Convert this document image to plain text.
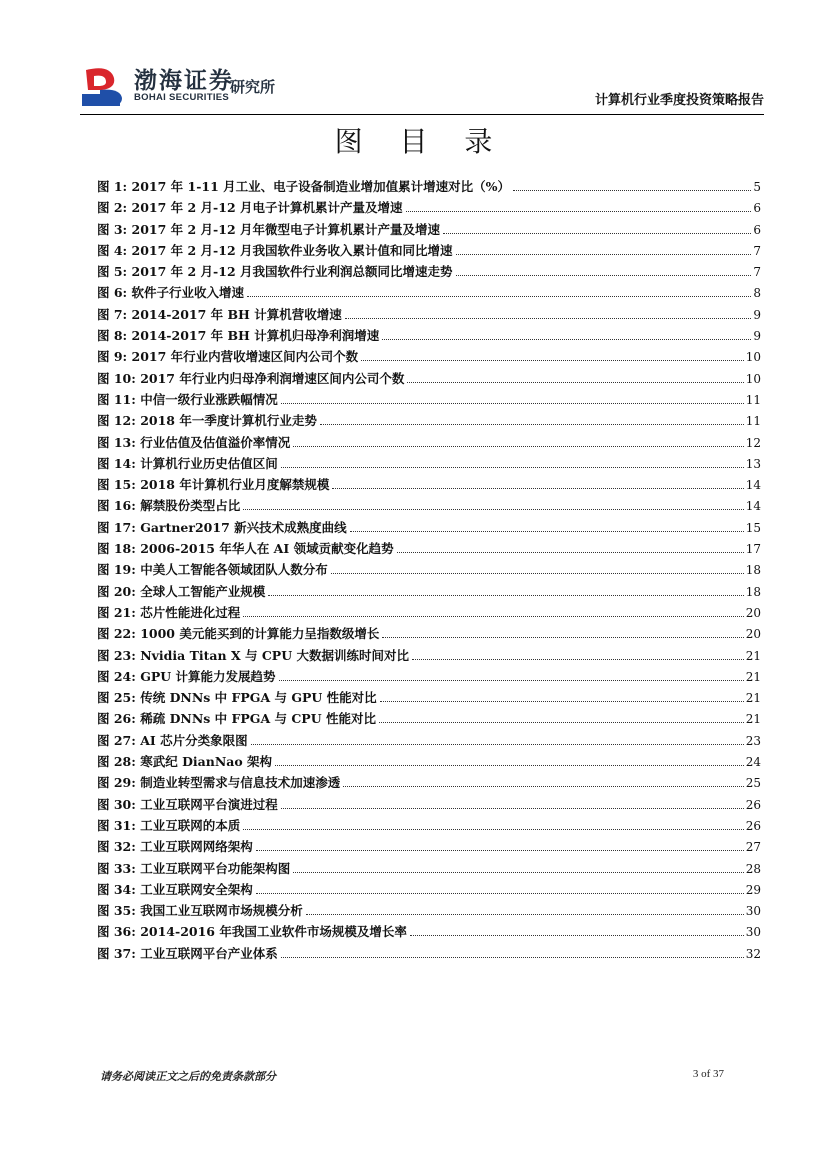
渤海证券
BOHAI SECURITIES
研究所
计算机行业季度投资策略报告
图 目 录
图 1: 2017 年 1-11 月工业、电子设备制造业增加值累计增速对比（%）	5
图 2: 2017 年 2 月-12 月电子计算机累计产量及增速	6
图 3: 2017 年 2 月-12 月年微型电子计算机累计产量及增速	6
图 4: 2017 年 2 月-12 月我国软件业务收入累计值和同比增速	7
图 5: 2017 年 2 月-12 月我国软件行业利润总额同比增速走势	7
图 6: 软件子行业收入增速	8
图 7: 2014-2017 年 BH 计算机营收增速	9
图 8: 2014-2017 年 BH 计算机归母净利润增速	9
图 9: 2017 年行业内营收增速区间内公司个数	10
图 10: 2017 年行业内归母净利润增速区间内公司个数	10
图 11: 中信一级行业涨跌幅情况	11
图 12: 2018 年一季度计算机行业走势	11
图 13: 行业估值及估值溢价率情况	12
图 14: 计算机行业历史估值区间	13
图 15: 2018 年计算机行业月度解禁规模	14
图 16: 解禁股份类型占比	14
图 17: Gartner2017 新兴技术成熟度曲线	15
图 18: 2006-2015 年华人在 AI 领域贡献变化趋势	17
图 19: 中美人工智能各领域团队人数分布	18
图 20: 全球人工智能产业规模	18
图 21: 芯片性能进化过程	20
图 22: 1000 美元能买到的计算能力呈指数级增长	20
图 23: Nvidia Titan X 与 CPU 大数据训练时间对比	21
图 24: GPU 计算能力发展趋势	21
图 25: 传统 DNNs 中 FPGA 与 GPU 性能对比	21
图 26: 稀疏 DNNs 中 FPGA 与 CPU 性能对比	21
图 27: AI 芯片分类象限图	23
图 28: 寒武纪 DianNao 架构	24
图 29: 制造业转型需求与信息技术加速渗透	25
图 30: 工业互联网平台演进过程	26
图 31: 工业互联网的本质	26
图 32: 工业互联网网络架构	27
图 33: 工业互联网平台功能架构图	28
图 34: 工业互联网安全架构	29
图 35: 我国工业互联网市场规模分析	30
图 36: 2014-2016 年我国工业软件市场规模及增长率	30
图 37: 工业互联网平台产业体系	32
请务必阅读正文之后的免责条款部分	3 of 37
